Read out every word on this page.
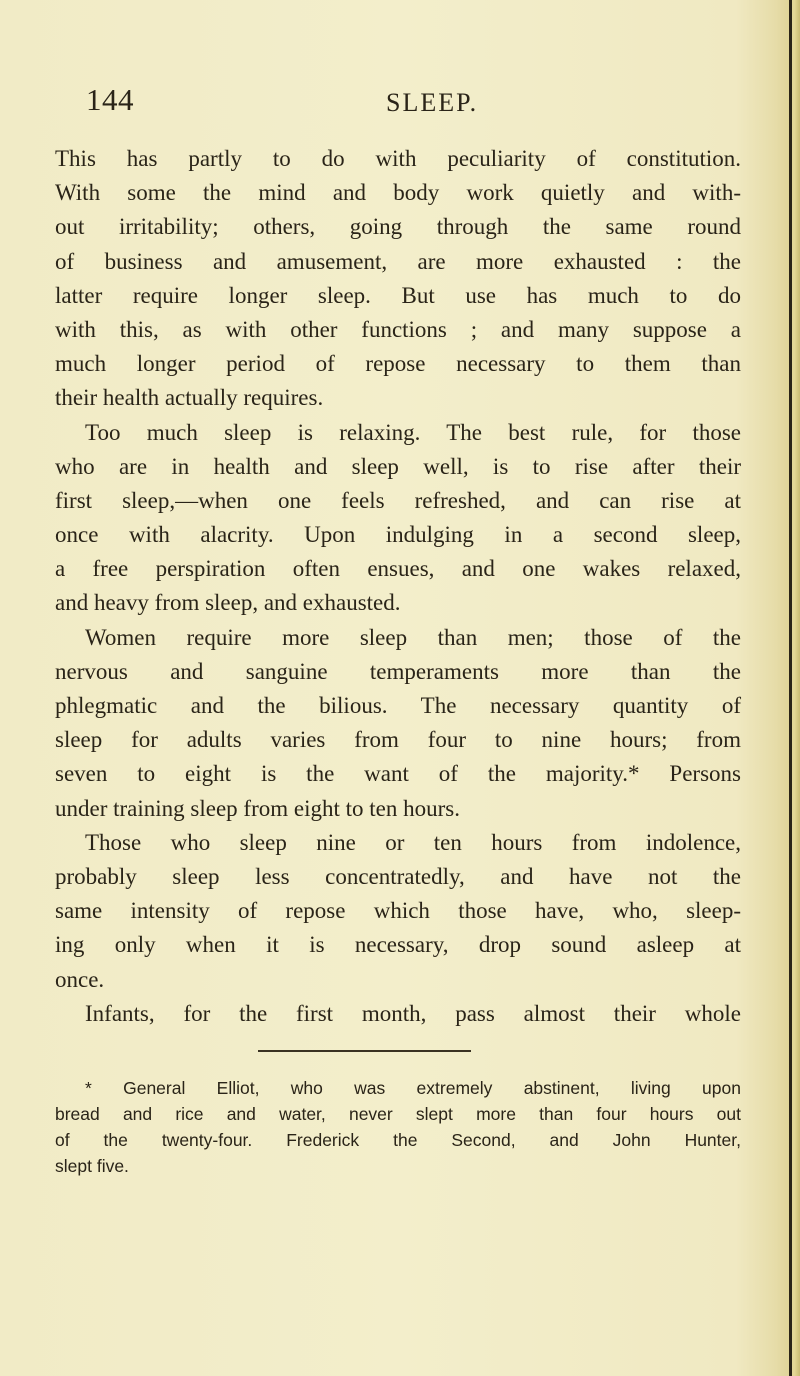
144	SLEEP.
This has partly to do with peculiarity of constitution.
With some the mind and body work quietly and with-
out irritability; others, going through the same round
of business and amusement, are more exhausted : the
latter require longer sleep. But use has much to do
with this, as with other functions ; and many suppose a
much longer period of repose necessary to them than
their health actually requires.
Too much sleep is relaxing. The best rule, for those
who are in health and sleep well, is to rise after their
first sleep,—when one feels refreshed, and can rise at
once with alacrity. Upon indulging in a second sleep,
a free perspiration often ensues, and one wakes relaxed,
and heavy from sleep, and exhausted.
Women require more sleep than men; those of the
nervous and sanguine temperaments more than the
phlegmatic and the bilious. The necessary quantity of
sleep for adults varies from four to nine hours; from
seven to eight is the want of the majority.* Persons
under training sleep from eight to ten hours.
Those who sleep nine or ten hours from indolence,
probably sleep less concentratedly, and have not the
same intensity of repose which those have, who, sleep-
ing only when it is necessary, drop sound asleep at
once.
Infants, for the first month, pass almost their whole
* General Elliot, who was extremely abstinent, living upon
bread and rice and water, never slept more than four hours out
of the twenty-four. Frederick the Second, and John Hunter,
slept five.
